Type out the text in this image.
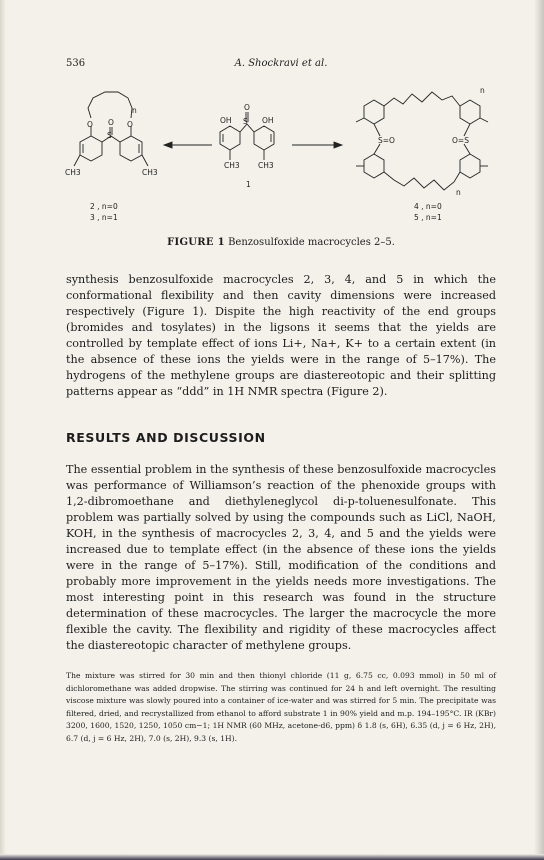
536	A. Shockravi et al.
n
O	O
O
S
CH3	CH3
2 , n=0
3 , n=1
O
S
OH	OH
CH3 CH3
1
n
n
S=O	O=S
4 , n=0
5 , n=1
FIGURE 1 Benzosulfoxide macrocycles 2–5.

synthesis benzosulfoxide macrocycles 2, 3, 4, and 5 in which the conformational flexibility and then cavity dimensions were increased respectively (Figure 1). Dispite the high reactivity of the end groups (bromides and tosylates) in the ligsons it seems that the yields are controlled by template effect of ions Li+, Na+, K+ to a certain extent (in the absence of these ions the yields were in the range of 5–17%). The hydrogens of the methylene groups are diastereotopic and their splitting patterns appear as “ddd” in 1H NMR spectra (Figure 2).

RESULTS AND DISCUSSION

The essential problem in the synthesis of these benzosulfoxide macrocycles was performance of Williamson’s reaction of the phenoxide groups with 1,2-dibromoethane and diethyleneglycol di-p-toluenesulfonate. This problem was partially solved by using the compounds such as LiCl, NaOH, KOH, in the synthesis of macrocycles 2, 3, 4, and 5 and the yields were increased due to template effect (in the absence of these ions the yields were in the range of 5–17%). Still, modification of the conditions and probably more improvement in the yields needs more investigations. The most interesting point in this research was found in the structure determination of these macrocycles. The larger the macrocycle the more flexible the cavity. The flexibility and rigidity of these macrocycles affect the diastereotopic character of methylene groups.

The mixture was stirred for 30 min and then thionyl chloride (11 g, 6.75 cc, 0.093 mmol) in 50 ml of dichloromethane was added dropwise. The stirring was continued for 24 h and left overnight. The resulting viscose mixture was slowly poured into a container of ice-water and was stirred for 5 min. The precipitate was filtered, dried, and recrystallized from ethanol to afford substrate 1 in 90% yield and m.p. 194–195°C. IR (KBr) 3200, 1600, 1520, 1250, 1050 cm−1; 1H NMR (60 MHz, acetone-d6, ppm) δ 1.8 (s, 6H), 6.35 (d, j = 6 Hz, 2H), 6.7 (d, j = 6 Hz, 2H), 7.0 (s, 2H), 9.3 (s, 1H).
